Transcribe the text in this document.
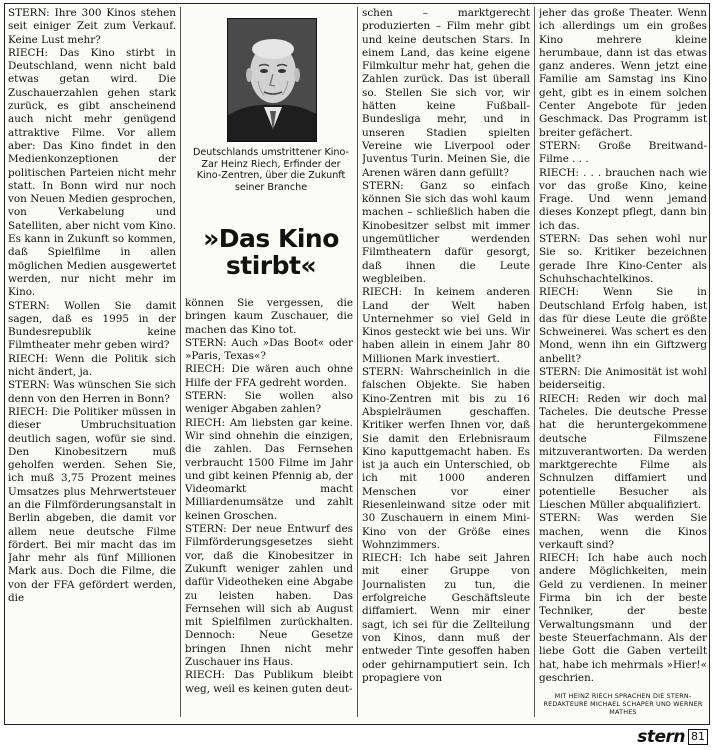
STERN: Ihre 300 Kinos stehen seit einiger Zeit zum Verkauf. Keine Lust mehr?

RIECH: Das Kino stirbt in Deutschland, wenn nicht bald etwas getan wird. Die Zuschauerzahlen gehen stark zurück, es gibt anscheinend auch nicht mehr genügend attraktive Filme. Vor allem aber: Das Kino findet in den Medienkonzeptionen der politischen Parteien nicht mehr statt. In Bonn wird nur noch von Neuen Medien gesprochen, von Verkabelung und Satelliten, aber nicht vom Kino. Es kann in Zukunft so kommen, daß Spielfilme in allen möglichen Medien ausgewertet werden, nur nicht mehr im Kino.

STERN: Wollen Sie damit sagen, daß es 1995 in der Bundesrepublik keine Filmtheater mehr geben wird?

RIECH: Wenn die Politik sich nicht ändert, ja.

STERN: Was wünschen Sie sich denn von den Herren in Bonn?

RIECH: Die Politiker müssen in dieser Umbruchsituation deutlich sagen, wofür sie sind. Den Kinobesitzern muß geholfen werden. Sehen Sie, ich muß 3,75 Prozent meines Umsatzes plus Mehrwertsteuer an die Filmförderungsanstalt in Berlin abgeben, die damit vor allem neue deutsche Filme fördert. Bei mir macht das im Jahr mehr als fünf Millionen Mark aus. Doch die Filme, die von der FFA gefördert werden, die

Deutschlands umstrittener Kino-Zar Heinz Riech, Erfinder der Kino-Zentren, über die Zukunft seiner Branche
»Das Kino stirbt«

können Sie vergessen, die bringen kaum Zuschauer, die machen das Kino tot.

STERN: Auch »Das Boot« oder »Paris, Texas«?

RIECH: Die wären auch ohne Hilfe der FFA gedreht worden.

STERN: Sie wollen also weniger Abgaben zahlen?

RIECH: Am liebsten gar keine. Wir sind ohnehin die einzigen, die zahlen. Das Fernsehen verbraucht 1500 Filme im Jahr und gibt keinen Pfennig ab, der Videomarkt macht Milliardenumsätze und zahlt keinen Groschen.

STERN: Der neue Entwurf des Filmförderungsgesetzes sieht vor, daß die Kinobesitzer in Zukunft weniger zahlen und dafür Videotheken eine Abgabe zu leisten haben. Das Fernsehen will sich ab August mit Spielfilmen zurückhalten. Dennoch: Neue Gesetze bringen Ihnen nicht mehr Zuschauer ins Haus.

RIECH: Das Publikum bleibt weg, weil es keinen guten deut-

schen – marktgerecht produzierten – Film mehr gibt und keine deutschen Stars. In einem Land, das keine eigene Filmkultur mehr hat, gehen die Zahlen zurück. Das ist überall so. Stellen Sie sich vor, wir hätten keine Fußball-Bundesliga mehr, und in unseren Stadien spielten Vereine wie Liverpool oder Juventus Turin. Meinen Sie, die Arenen wären dann gefüllt?

STERN: Ganz so einfach können Sie sich das wohl kaum machen – schließlich haben die Kinobesitzer selbst mit immer ungemütlicher werdenden Filmtheatern dafür gesorgt, daß ihnen die Leute wegbleiben.

RIECH: In keinem anderen Land der Welt haben Unternehmer so viel Geld in Kinos gesteckt wie bei uns. Wir haben allein in einem Jahr 80 Millionen Mark investiert.

STERN: Wahrscheinlich in die falschen Objekte. Sie haben Kino-Zentren mit bis zu 16 Abspielräumen geschaffen. Kritiker werfen Ihnen vor, daß Sie damit den Erlebnisraum Kino kaputtgemacht haben. Es ist ja auch ein Unterschied, ob ich mit 1000 anderen Menschen vor einer Riesenleinwand sitze oder mit 30 Zuschauern in einem Mini-Kino von der Größe eines Wohnzimmers.

RIECH: Ich habe seit Jahren mit einer Gruppe von Journalisten zu tun, die erfolgreiche Geschäftsleute diffamiert. Wenn mir einer sagt, ich sei für die Zellteilung von Kinos, dann muß der entweder Tinte gesoffen haben oder gehirnamputiert sein. Ich propagiere von

jeher das große Theater. Wenn ich allerdings um ein großes Kino mehrere kleine herumbaue, dann ist das etwas ganz anderes. Wenn jetzt eine Familie am Samstag ins Kino geht, gibt es in einem solchen Center Angebote für jeden Geschmack. Das Programm ist breiter gefächert.

STERN: Große Breitwand-Filme . . .

RIECH: . . . brauchen nach wie vor das große Kino, keine Frage. Und wenn jemand dieses Konzept pflegt, dann bin ich das.

STERN: Das sehen wohl nur Sie so. Kritiker bezeichnen gerade Ihre Kino-Center als Schuhschachtelkinos.

RIECH: Wenn Sie in Deutschland Erfolg haben, ist das für diese Leute die größte Schweinerei. Was schert es den Mond, wenn ihn ein Giftzwerg anbellt?

STERN: Die Animosität ist wohl beiderseitig.

RIECH: Reden wir doch mal Tacheles. Die deutsche Presse hat die heruntergekommene deutsche Filmszene mitzuverantworten. Da werden marktgerechte Filme als Schnulzen diffamiert und potentielle Besucher als Lieschen Müller abqualifiziert.

STERN: Was werden Sie machen, wenn die Kinos verkauft sind?

RIECH: Ich habe auch noch andere Möglichkeiten, mein Geld zu verdienen. In meiner Firma bin ich der beste Techniker, der beste Verwaltungsmann und der beste Steuerfachmann. Als der liebe Gott die Gaben verteilt hat, habe ich mehrmals »Hier!« geschrien.

MIT HEINZ RIECH SPRACHEN DIE STERN-REDAKTEURE MICHAEL SCHAPER UND WERNER MATHES
stern 81
